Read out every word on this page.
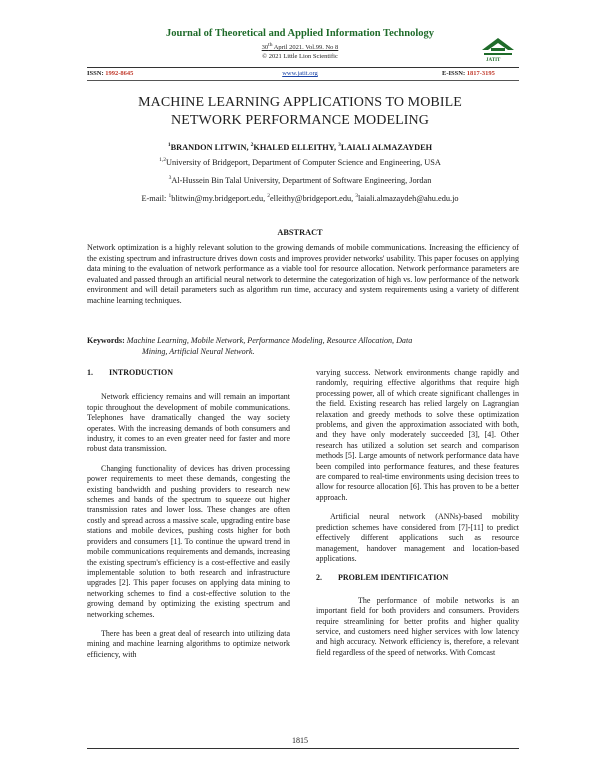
Journal of Theoretical and Applied Information Technology
30th April 2021. Vol.99. No 8
© 2021 Little Lion Scientific
JATIT
ISSN: 1992-8645	www.jatit.org	E-ISSN: 1817-3195
MACHINE LEARNING APPLICATIONS TO MOBILE
NETWORK PERFORMANCE MODELING
$^1$BRANDON LITWIN, $^2$KHALED ELLEITHY, $^3$LAIALI ALMAZAYDEH
$^{1,2}$University of Bridgeport, Department of Computer Science and Engineering, USA
$^3$Al-Hussein Bin Talal University, Department of Software Engineering, Jordan
E-mail: $^1$blitwin@my.bridgeport.edu, $^2$elleithy@bridgeport.edu, $^3$laiali.almazaydeh@ahu.edu.jo
ABSTRACT
Network optimization is a highly relevant solution to the growing demands of mobile communications. Increasing the efficiency of the existing spectrum and infrastructure drives down costs and improves provider networks' usability. This paper focuses on applying data mining to the evaluation of network performance as a viable tool for resource allocation. Network performance parameters are evaluated and passed through an artificial neural network to determine the categorization of high vs. low performance of the network environment and will detail parameters such as algorithm run time, accuracy and system requirements using a variety of different machine learning techniques.
Keywords: Machine Learning, Mobile Network, Performance Modeling, Resource Allocation, Data
Mining, Artificial Neural Network.
1. INTRODUCTION

Network efficiency remains and will remain an important topic throughout the development of mobile communications. Telephones have dramatically changed the way society operates. With the increasing demands of both consumers and industry, it comes to an even greater need for faster and more robust data transmission.

Changing functionality of devices has driven processing power requirements to meet these demands, congesting the existing bandwidth and pushing providers to research new schemes and bands of the spectrum to squeeze out higher transmission rates and lower loss. These changes are often costly and spread across a massive scale, upgrading entire base stations and mobile devices, pushing costs higher for both providers and consumers [1]. To continue the upward trend in mobile communications requirements and demands, increasing the existing spectrum's efficiency is a cost-effective and easily implementable solution to both research and infrastructure upgrades [2]. This paper focuses on applying data mining to networking schemes to find a cost-effective solution to the growing demand by optimizing the existing spectrum and networking schemes.

There has been a great deal of research into utilizing data mining and machine learning algorithms to optimize network efficiency, with

varying success. Network environments change rapidly and randomly, requiring effective algorithms that require high processing power, all of which create significant challenges in the field. Existing research has relied largely on Lagrangian relaxation and greedy methods to solve these optimization problems, and given the approximation associated with both, and they have only moderately succeeded [3], [4]. Other research has utilized a solution set search and comparison methods [5]. Large amounts of network performance data have been compiled into performance features, and these features are compared to real-time environments using decision trees to allow for resource allocation [6]. This has proven to be a better approach.

Artificial neural network (ANNs)-based mobility prediction schemes have considered from [7]-[11] to predict effectively different applications such as resource management, handover management and location-based applications.

2. PROBLEM IDENTIFICATION

The performance of mobile networks is an important field for both providers and consumers. Providers require streamlining for better profits and higher quality service, and customers need higher services with low latency and high accuracy. Network efficiency is, therefore, a relevant field regardless of the speed of networks. With Comcast

1815
